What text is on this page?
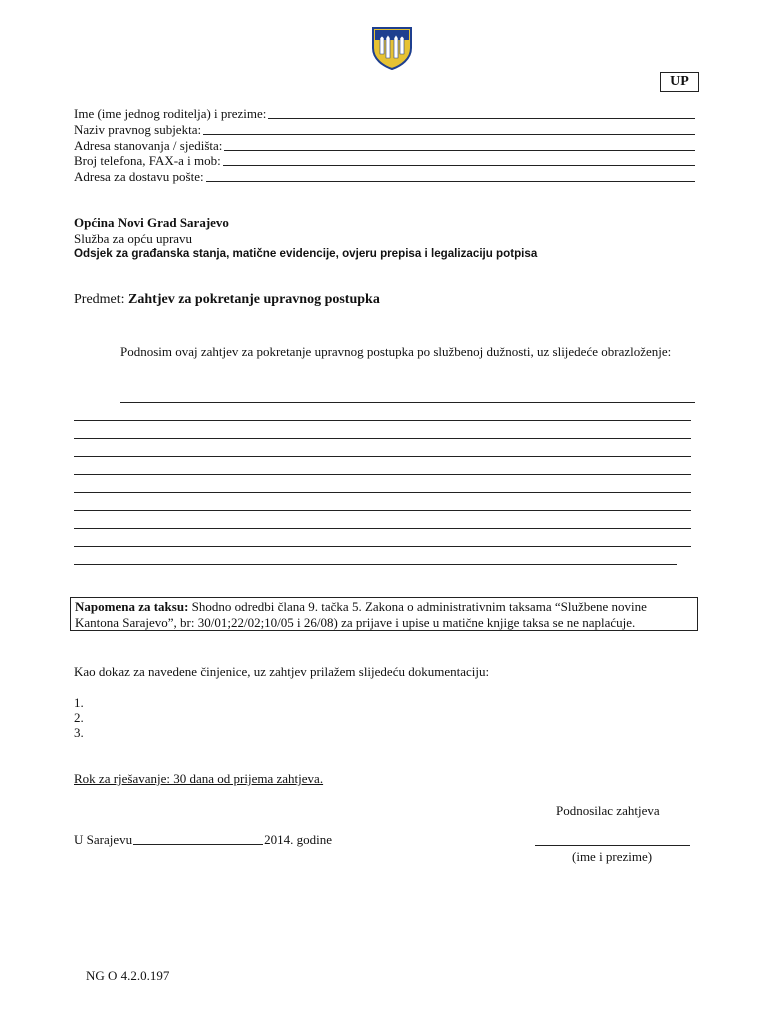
UP
Ime (ime jednog roditelja) i prezime:
Naziv pravnog subjekta:
Adresa stanovanja / sjedišta:
Broj telefona, FAX-a i mob:
Adresa za dostavu pošte:
Općina Novi Grad Sarajevo
Služba za opću upravu
Odsjek za građanska stanja, matične evidencije, ovjeru prepisa i legalizaciju potpisa
Predmet: Zahtjev za pokretanje upravnog postupka
Podnosim ovaj zahtjev za pokretanje upravnog postupka po službenoj dužnosti, uz slijedeće obrazloženje:
Napomena za taksu: Shodno odredbi člana 9. tačka 5. Zakona o administrativnim taksama “Službene novine Kantona Sarajevo”, br: 30/01;22/02;10/05 i 26/08) za prijave i upise u matične knjige taksa se ne naplaćuje.
Kao dokaz za navedene činjenice, uz zahtjev prilažem slijedeću dokumentaciju:
1.
2.
3.
Rok za rješavanje: 30 dana od prijema zahtjeva.
Podnosilac zahtjeva
(ime i prezime)
U Sarajevu	2014. godine
NG O 4.2.0.197
